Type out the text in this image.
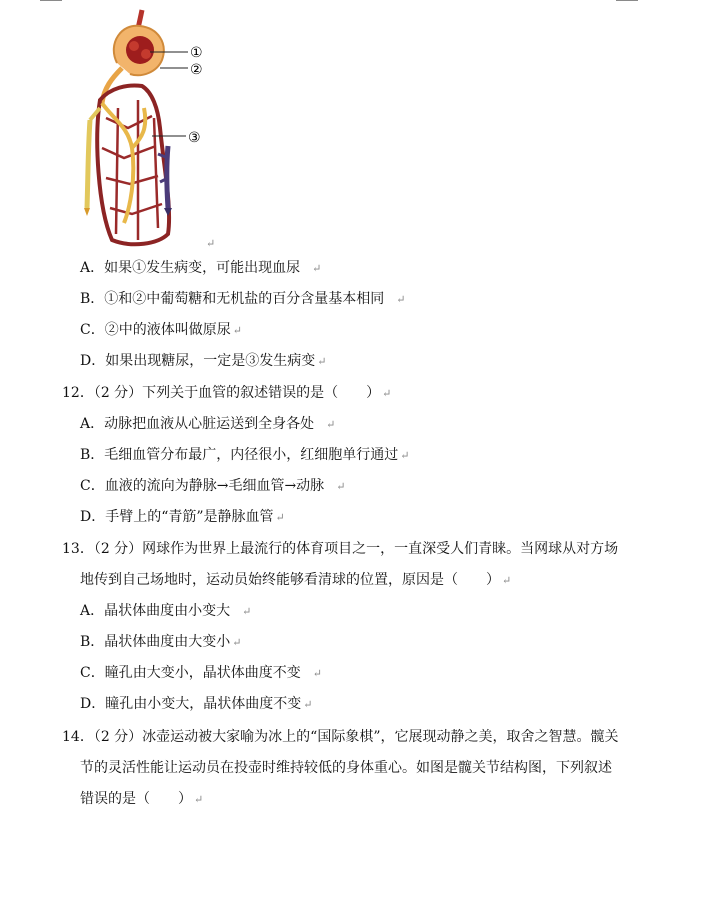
①
②
③
↵
A．如果①发生病变，可能出现血尿 ↵
B．①和②中葡萄糖和无机盐的百分含量基本相同 ↵
C．②中的液体叫做原尿 ↵
D．如果出现糖尿，一定是③发生病变 ↵
12．（2 分）下列关于血管的叙述错误的是（　　） ↵
A．动脉把血液从心脏运送到全身各处 ↵
B．毛细血管分布最广，内径很小，红细胞单行通过 ↵
C．血液的流向为静脉→毛细血管→动脉 ↵
D．手臂上的“青筋”是静脉血管 ↵
13．（2 分）网球作为世界上最流行的体育项目之一，一直深受人们青睐。当网球从对方场
地传到自己场地时，运动员始终能够看清球的位置，原因是（　　） ↵
A．晶状体曲度由小变大 ↵
B．晶状体曲度由大变小 ↵
C．瞳孔由大变小，晶状体曲度不变 ↵
D．瞳孔由小变大，晶状体曲度不变 ↵
14．（2 分）冰壶运动被大家喻为冰上的“国际象棋”，它展现动静之美，取舍之智慧。髋关
节的灵活性能让运动员在投壶时维持较低的身体重心。如图是髋关节结构图，下列叙述
错误的是（　　） ↵
